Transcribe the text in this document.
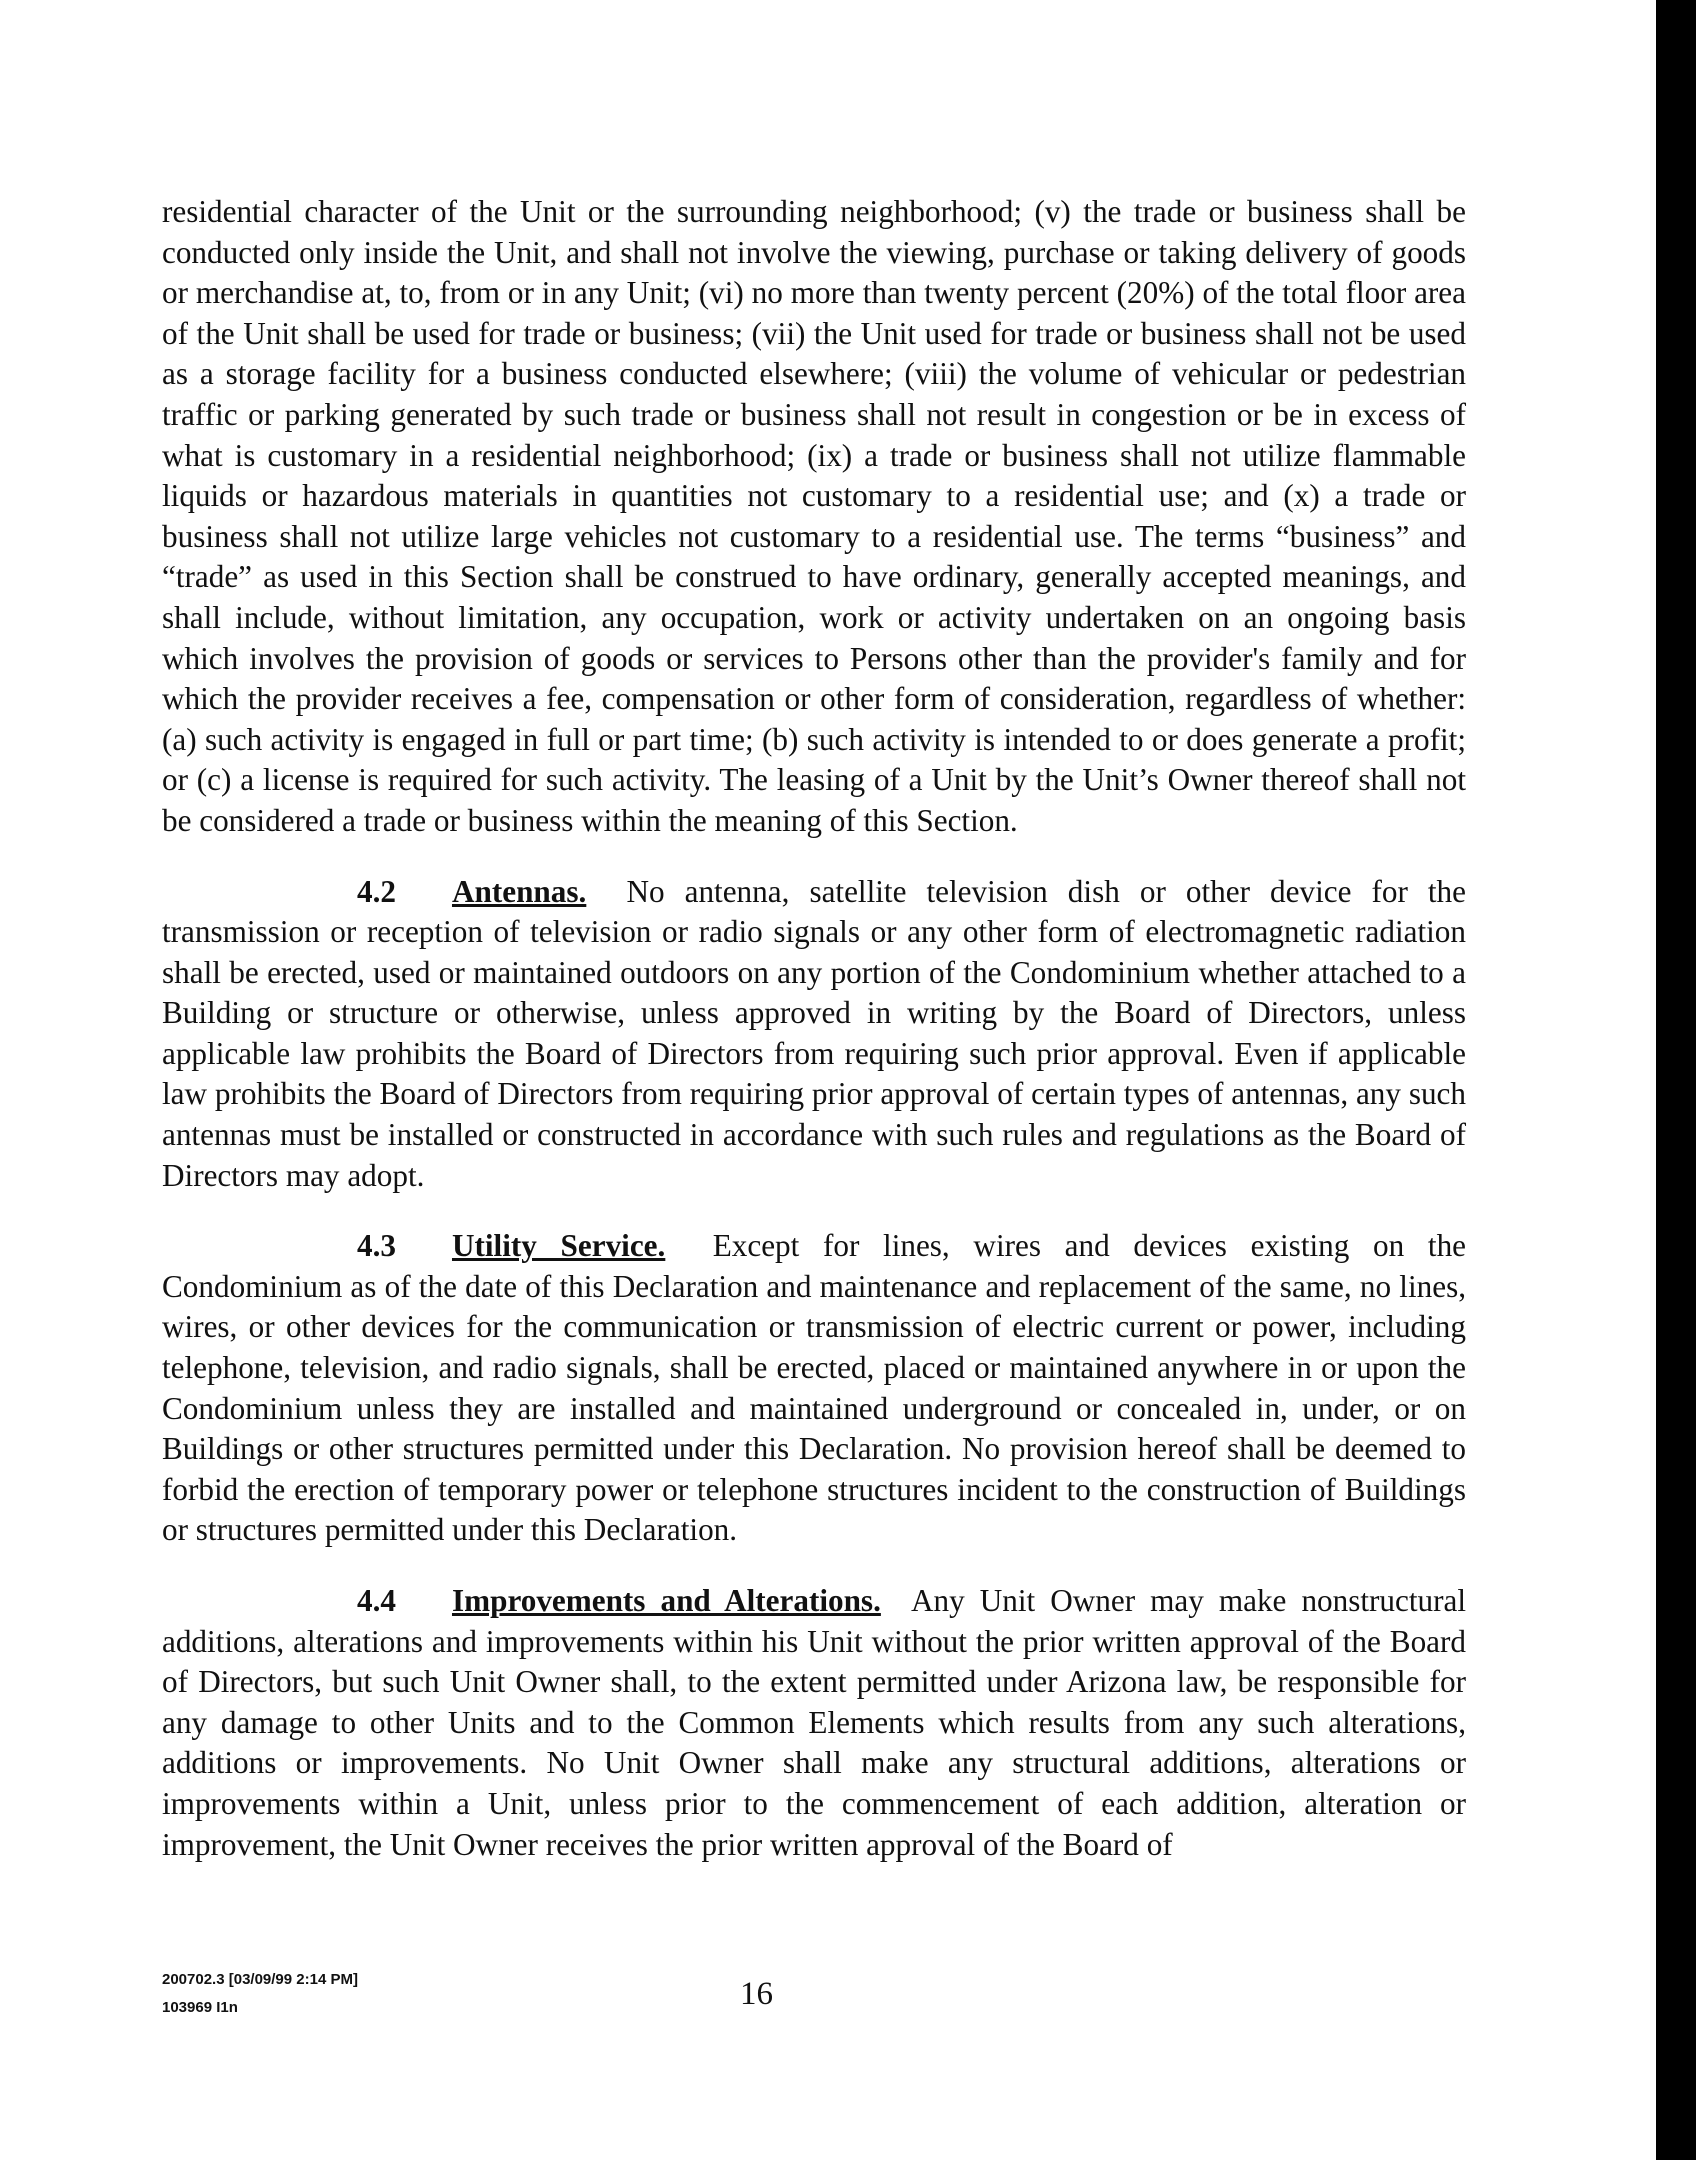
residential character of the Unit or the surrounding neighborhood; (v) the trade or business shall be conducted only inside the Unit, and shall not involve the viewing, purchase or taking delivery of goods or merchandise at, to, from or in any Unit; (vi) no more than twenty percent (20%) of the total floor area of the Unit shall be used for trade or business; (vii) the Unit used for trade or business shall not be used as a storage facility for a business conducted elsewhere; (viii) the volume of vehicular or pedestrian traffic or parking generated by such trade or business shall not result in congestion or be in excess of what is customary in a residential neighborhood; (ix) a trade or business shall not utilize flammable liquids or hazardous materials in quantities not customary to a residential use; and (x) a trade or business shall not utilize large vehicles not customary to a residential use. The terms “business” and “trade” as used in this Section shall be construed to have ordinary, generally accepted meanings, and shall include, without limitation, any occupation, work or activity undertaken on an ongoing basis which involves the provision of goods or services to Persons other than the provider's family and for which the provider receives a fee, compensation or other form of consideration, regardless of whether: (a) such activity is engaged in full or part time; (b) such activity is intended to or does generate a profit; or (c) a license is required for such activity. The leasing of a Unit by the Unit’s Owner thereof shall not be considered a trade or business within the meaning of this Section.

4.2 Antennas. No antenna, satellite television dish or other device for the transmission or reception of television or radio signals or any other form of electromagnetic radiation shall be erected, used or maintained outdoors on any portion of the Condominium whether attached to a Building or structure or otherwise, unless approved in writing by the Board of Directors, unless applicable law prohibits the Board of Directors from requiring such prior approval. Even if applicable law prohibits the Board of Directors from requiring prior approval of certain types of antennas, any such antennas must be installed or constructed in accordance with such rules and regulations as the Board of Directors may adopt.

4.3 Utility Service. Except for lines, wires and devices existing on the Condominium as of the date of this Declaration and maintenance and replacement of the same, no lines, wires, or other devices for the communication or transmission of electric current or power, including telephone, television, and radio signals, shall be erected, placed or maintained anywhere in or upon the Condominium unless they are installed and maintained underground or concealed in, under, or on Buildings or other structures permitted under this Declaration. No provision hereof shall be deemed to forbid the erection of temporary power or telephone structures incident to the construction of Buildings or structures permitted under this Declaration.

4.4 Improvements and Alterations. Any Unit Owner may make nonstructural additions, alterations and improvements within his Unit without the prior written approval of the Board of Directors, but such Unit Owner shall, to the extent permitted under Arizona law, be responsible for any damage to other Units and to the Common Elements which results from any such alterations, additions or improvements. No Unit Owner shall make any structural additions, alterations or improvements within a Unit, unless prior to the commencement of each addition, alteration or improvement, the Unit Owner receives the prior written approval of the Board of

200702.3 [03/09/99 2:14 PM]
103969 I1n	16
